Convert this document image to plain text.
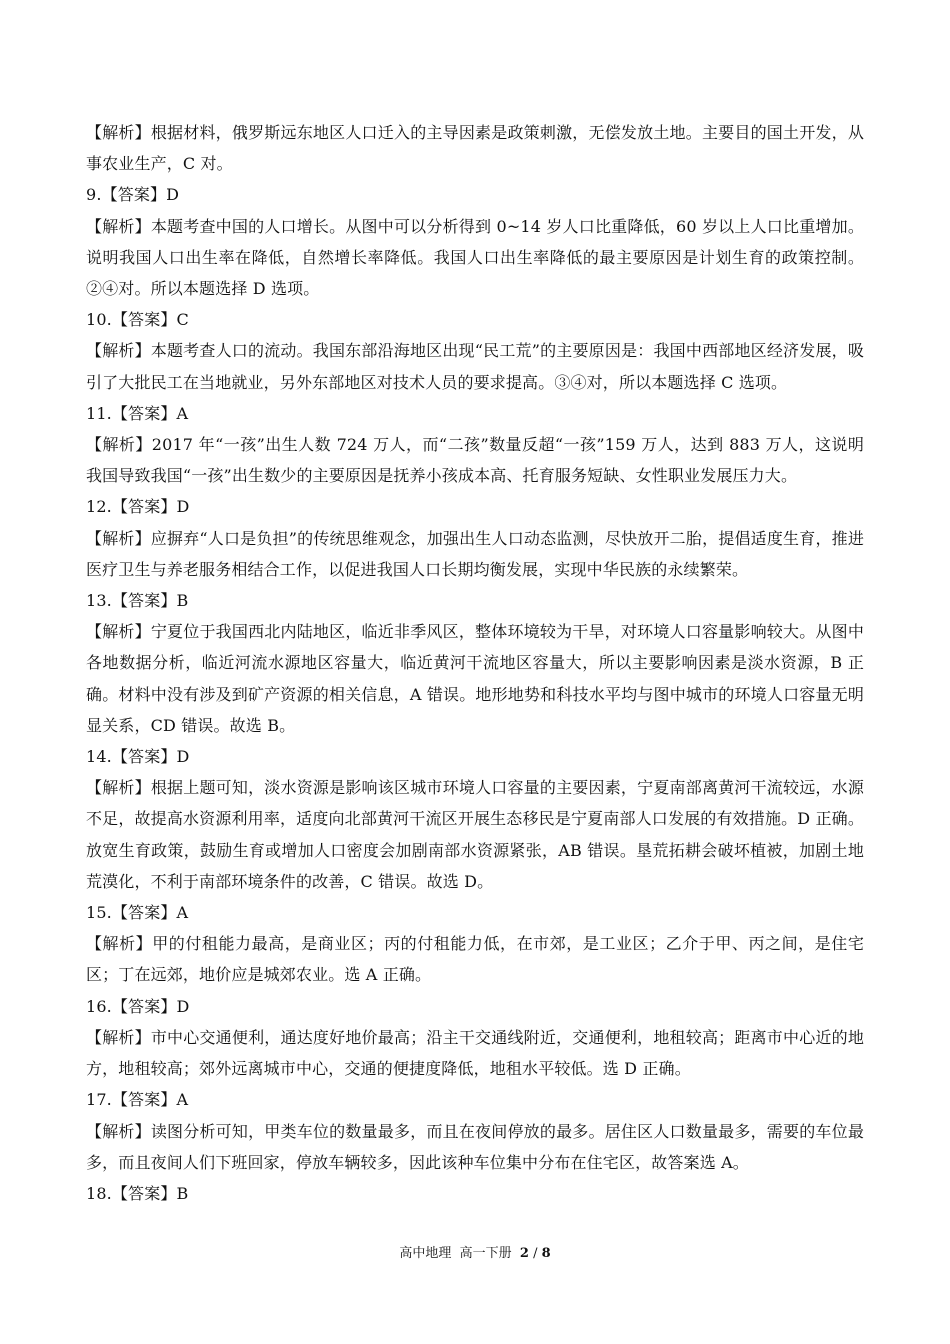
【解析】根据材料，俄罗斯远东地区人口迁入的主导因素是政策刺激，无偿发放土地。主要目的国土开发，从事农业生产，C 对。

9.【答案】D

【解析】本题考查中国的人口增长。从图中可以分析得到 0~14 岁人口比重降低，60 岁以上人口比重增加。说明我国人口出生率在降低，自然增长率降低。我国人口出生率降低的最主要原因是计划生育的政策控制。②④对。所以本题选择 D 选项。

10.【答案】C

【解析】本题考查人口的流动。我国东部沿海地区出现“民工荒”的主要原因是：我国中西部地区经济发展，吸引了大批民工在当地就业，另外东部地区对技术人员的要求提高。③④对，所以本题选择 C 选项。

11.【答案】A

【解析】2017 年“一孩”出生人数 724 万人，而“二孩”数量反超“一孩”159 万人，达到 883 万人，这说明我国导致我国“一孩”出生数少的主要原因是抚养小孩成本高、托育服务短缺、女性职业发展压力大。

12.【答案】D

【解析】应摒弃“人口是负担”的传统思维观念，加强出生人口动态监测，尽快放开二胎，提倡适度生育，推进医疗卫生与养老服务相结合工作，以促进我国人口长期均衡发展，实现中华民族的永续繁荣。

13.【答案】B

【解析】宁夏位于我国西北内陆地区，临近非季风区，整体环境较为干旱，对环境人口容量影响较大。从图中各地数据分析，临近河流水源地区容量大，临近黄河干流地区容量大，所以主要影响因素是淡水资源，B 正确。材料中没有涉及到矿产资源的相关信息，A 错误。地形地势和科技水平均与图中城市的环境人口容量无明显关系，CD 错误。故选 B。

14.【答案】D

【解析】根据上题可知，淡水资源是影响该区城市环境人口容量的主要因素，宁夏南部离黄河干流较远，水源不足，故提高水资源利用率，适度向北部黄河干流区开展生态移民是宁夏南部人口发展的有效措施。D 正确。放宽生育政策，鼓励生育或增加人口密度会加剧南部水资源紧张，AB 错误。垦荒拓耕会破坏植被，加剧土地荒漠化，不利于南部环境条件的改善，C 错误。故选 D。

15.【答案】A

【解析】甲的付租能力最高，是商业区；丙的付租能力低，在市郊，是工业区；乙介于甲、丙之间，是住宅区；丁在远郊，地价应是城郊农业。选 A 正确。

16.【答案】D

【解析】市中心交通便利，通达度好地价最高；沿主干交通线附近，交通便利，地租较高；距离市中心近的地方，地租较高；郊外远离城市中心，交通的便捷度降低，地租水平较低。选 D 正确。

17.【答案】A

【解析】读图分析可知，甲类车位的数量最多，而且在夜间停放的最多。居住区人口数量最多，需要的车位最多，而且夜间人们下班回家，停放车辆较多，因此该种车位集中分布在住宅区，故答案选 A。

18.【答案】B

高中地理 高一下册 2 / 8
